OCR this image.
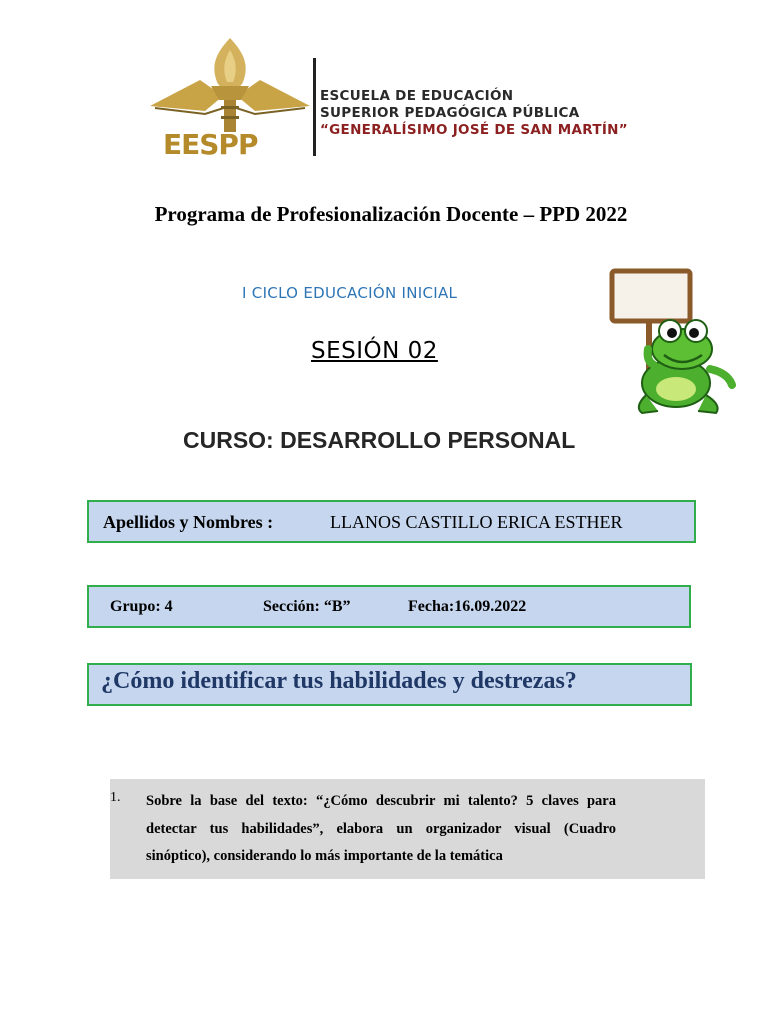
EESPP
ESCUELA DE EDUCACIÓN
SUPERIOR PEDAGÓGICA PÚBLICA
“GENERALÍSIMO JOSÉ DE SAN MARTÍN”
Programa de Profesionalización Docente – PPD 2022
I CICLO EDUCACIÓN INICIAL
SESIÓN 02
CURSO: DESARROLLO PERSONAL
Apellidos y Nombres :	LLANOS CASTILLO ERICA ESTHER
Grupo: 4	Sección: “B”	Fecha:16.09.2022
¿Cómo identificar tus habilidades y destrezas?
1. Sobre la base del texto: “¿Cómo descubrir mi talento? 5 claves para detectar tus habilidades”, elabora un organizador visual (Cuadro sinóptico), considerando lo más importante de la temática
